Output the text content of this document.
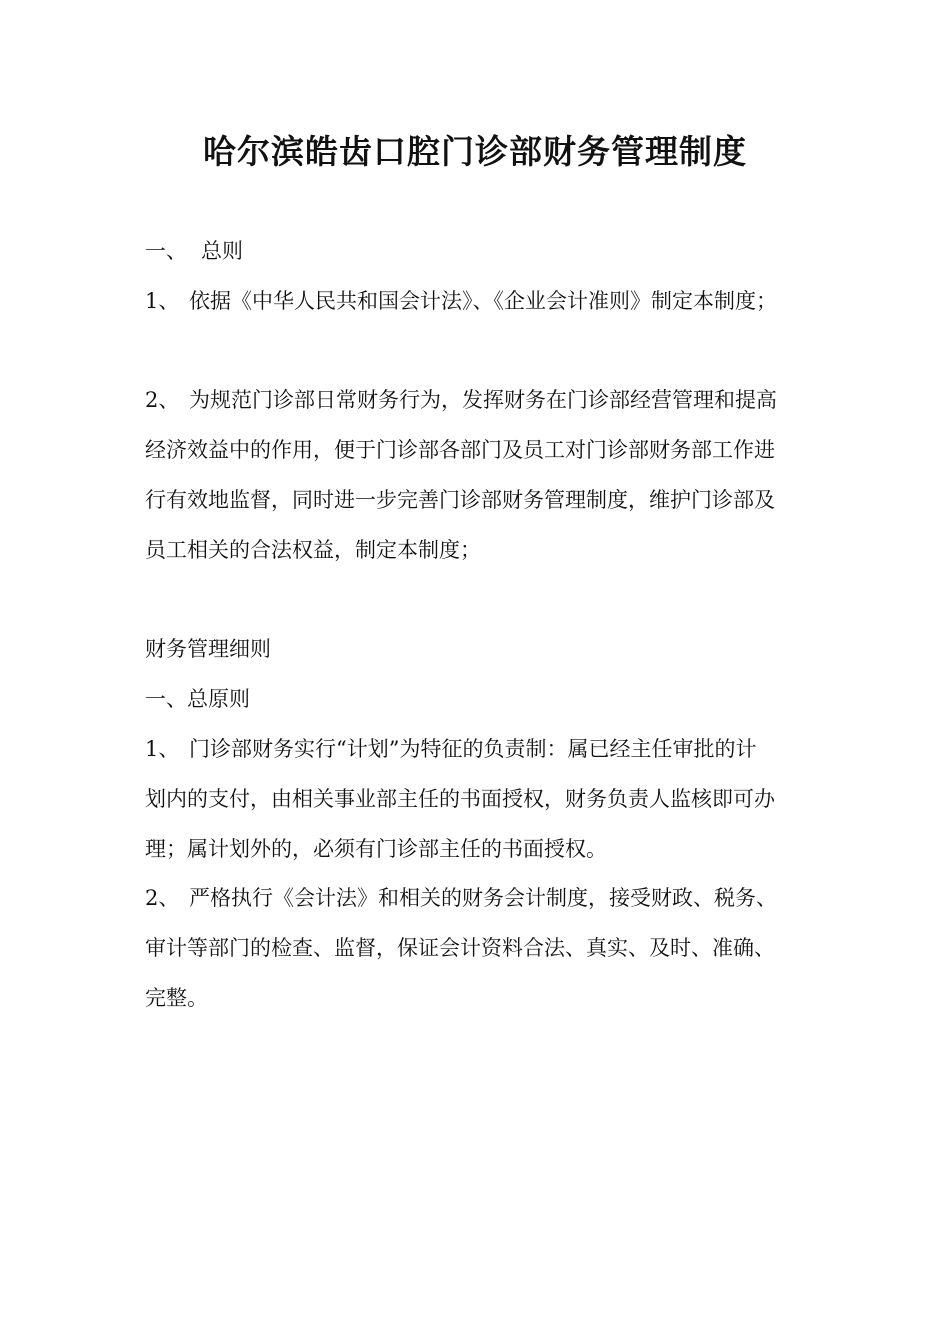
哈尔滨皓齿口腔门诊部财务管理制度
一、 总则
1、 依据《中华人民共和国会计法》、《企业会计准则》制定本制度；
2、 为规范门诊部日常财务行为，发挥财务在门诊部经营管理和提高
经济效益中的作用，便于门诊部各部门及员工对门诊部财务部工作进
行有效地监督，同时进一步完善门诊部财务管理制度，维护门诊部及
员工相关的合法权益，制定本制度；
财务管理细则
一、总原则
1、 门诊部财务实行“计划”为特征的负责制：属已经主任审批的计
划内的支付，由相关事业部主任的书面授权，财务负责人监核即可办
理；属计划外的，必须有门诊部主任的书面授权。
2、 严格执行《会计法》和相关的财务会计制度，接受财政、税务、
审计等部门的检查、监督，保证会计资料合法、真实、及时、准确、
完整。
